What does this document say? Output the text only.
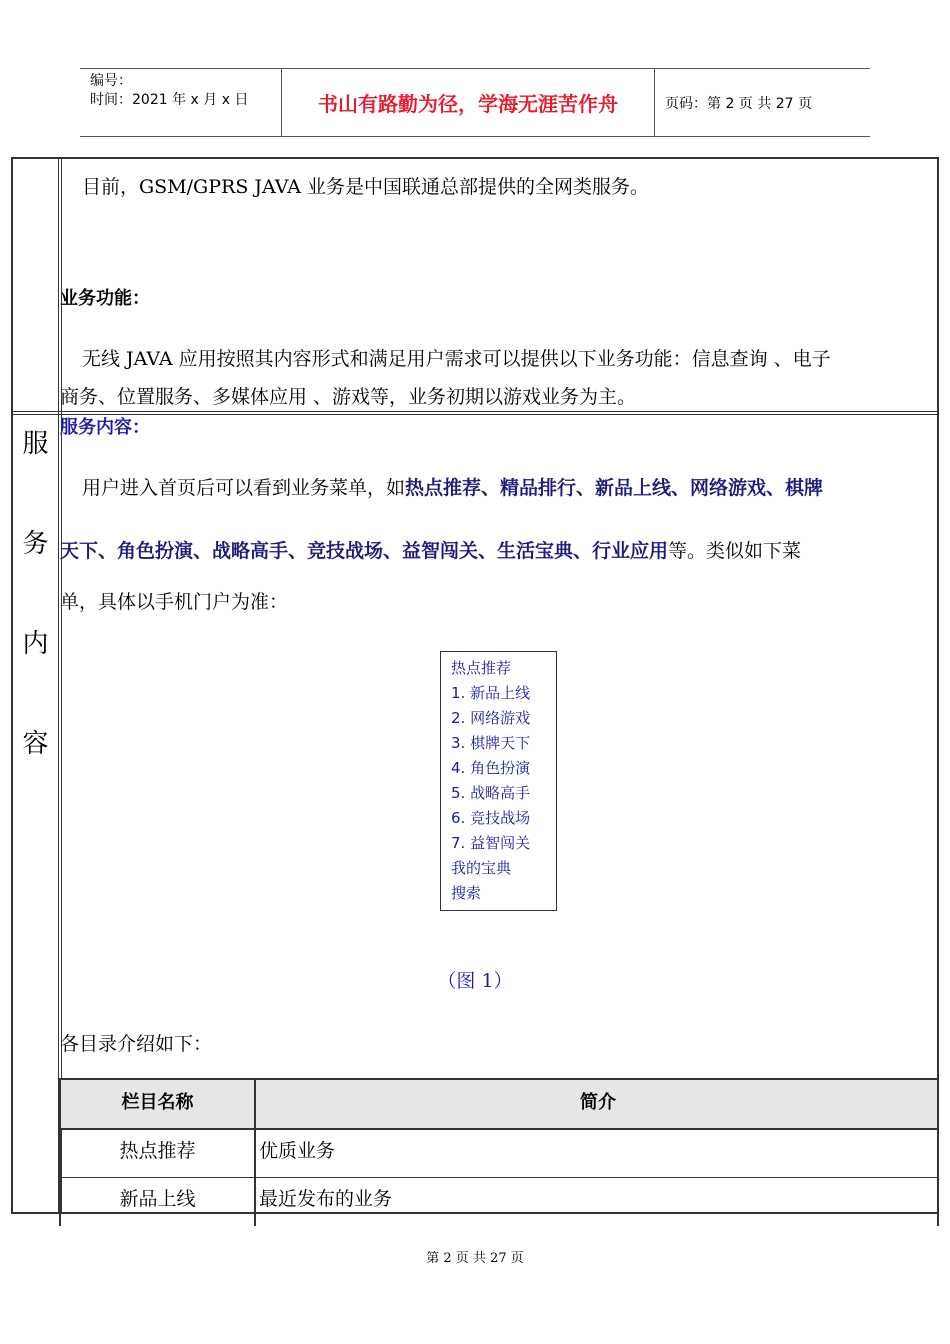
编号：
时间：2021 年 x 月 x 日	书山有路勤为径，学海无涯苦作舟	页码：第 2 页 共 27 页
服
务
内
容
目前，GSM/GPRS JAVA 业务是中国联通总部提供的全网类服务。
业务功能：
无线 JAVA 应用按照其内容形式和满足用户需求可以提供以下业务功能：信息查询 、电子
商务、位置服务、多媒体应用 、游戏等，业务初期以游戏业务为主。
服务内容：
用户进入首页后可以看到业务菜单，如热点推荐、精品排行、新品上线、网络游戏、棋牌
天下、角色扮演、战略高手、竞技战场、益智闯关、生活宝典、行业应用等。类似如下菜
单，具体以手机门户为准：
热点推荐
1. 新品上线
2. 网络游戏
3. 棋牌天下
4. 角色扮演
5. 战略高手
6. 竞技战场
7. 益智闯关
我的宝典
搜索
（图 1）
各目录介绍如下：
栏目名称	简介
热点推荐	优质业务
新品上线	最近发布的业务
第 2 页 共 27 页
